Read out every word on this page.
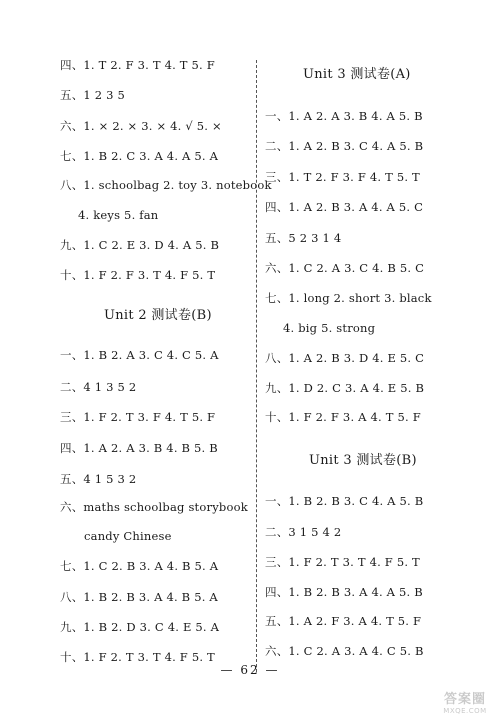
四、1. T 2. F 3. T 4. T 5. F
五、1 2 3 5
六、1. × 2. × 3. × 4. √ 5. ×
七、1. B 2. C 3. A 4. A 5. A
八、1. schoolbag 2. toy 3. notebook
4. keys 5. fan
九、1. C 2. E 3. D 4. A 5. B
十、1. F 2. F 3. T 4. F 5. T
Unit 2 测试卷(B)
一、1. B 2. A 3. C 4. C 5. A
二、4 1 3 5 2
三、1. F 2. T 3. F 4. T 5. F
四、1. A 2. A 3. B 4. B 5. B
五、4 1 5 3 2
六、maths schoolbag storybook
candy Chinese
七、1. C 2. B 3. A 4. B 5. A
八、1. B 2. B 3. A 4. B 5. A
九、1. B 2. D 3. C 4. E 5. A
十、1. F 2. T 3. T 4. F 5. T
Unit 3 测试卷(A)
一、1. A 2. A 3. B 4. A 5. B
二、1. A 2. B 3. C 4. A 5. B
三、1. T 2. F 3. F 4. T 5. T
四、1. A 2. B 3. A 4. A 5. C
五、5 2 3 1 4
六、1. C 2. A 3. C 4. B 5. C
七、1. long 2. short 3. black
4. big 5. strong
八、1. A 2. B 3. D 4. E 5. C
九、1. D 2. C 3. A 4. E 5. B
十、1. F 2. F 3. A 4. T 5. F
Unit 3 测试卷(B)
一、1. B 2. B 3. C 4. A 5. B
二、3 1 5 4 2
三、1. F 2. T 3. T 4. F 5. T
四、1. B 2. B 3. A 4. A 5. B
五、1. A 2. F 3. A 4. T 5. F
六、1. C 2. A 3. A 4. C 5. B
— 62 —
答案圈
MXQE.COM
